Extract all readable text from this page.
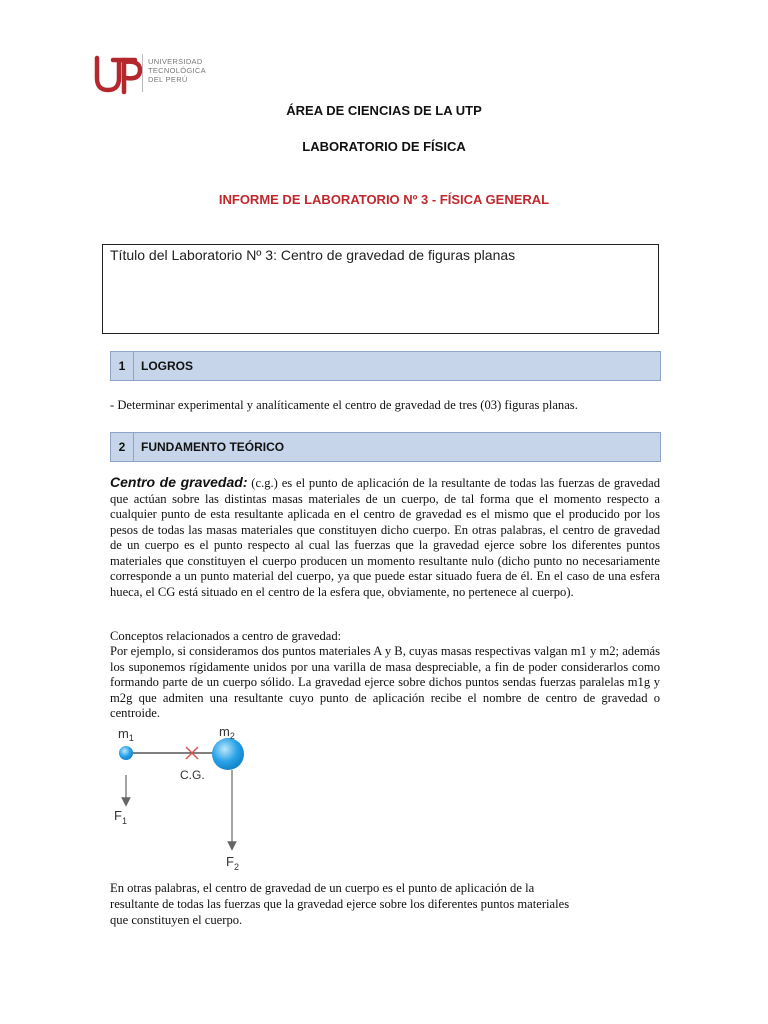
UNIVERSIDAD
TECNOLÓGICA
DEL PERÚ
ÁREA DE CIENCIAS DE LA UTP
LABORATORIO DE FÍSICA
INFORME DE LABORATORIO Nº 3 - FÍSICA GENERAL
Título del Laboratorio Nº 3: Centro de gravedad de figuras planas
1	LOGROS
- Determinar experimental y analíticamente el centro de gravedad de tres (03) figuras planas.
2	FUNDAMENTO TEÓRICO
Centro de gravedad: (c.g.) es el punto de aplicación de la resultante de todas las fuerzas de gravedad que actúan sobre las distintas masas materiales de un cuerpo, de tal forma que el momento respecto a cualquier punto de esta resultante aplicada en el centro de gravedad es el mismo que el producido por los pesos de todas las masas materiales que constituyen dicho cuerpo. En otras palabras, el centro de gravedad de un cuerpo es el punto respecto al cual las fuerzas que la gravedad ejerce sobre los diferentes puntos materiales que constituyen el cuerpo producen un momento resultante nulo (dicho punto no necesariamente corresponde a un punto material del cuerpo, ya que puede estar situado fuera de él. En el caso de una esfera hueca, el CG está situado en el centro de la esfera que, obviamente, no pertenece al cuerpo).
Conceptos relacionados a centro de gravedad:
Por ejemplo, si consideramos dos puntos materiales A y B, cuyas masas respectivas valgan m1 y m2; además los suponemos rígidamente unidos por una varilla de masa despreciable, a fin de poder considerarlos como formando parte de un cuerpo sólido. La gravedad ejerce sobre dichos puntos sendas fuerzas paralelas m1g y m2g que admiten una resultante cuyo punto de aplicación recibe el nombre de centro de gravedad o centroide.
$m_1$	$m_2$
C.G.
$F_1$
$F_2$
En otras palabras, el centro de gravedad de un cuerpo es el punto de aplicación de la resultante de todas las fuerzas que la gravedad ejerce sobre los diferentes puntos materiales que constituyen el cuerpo.
